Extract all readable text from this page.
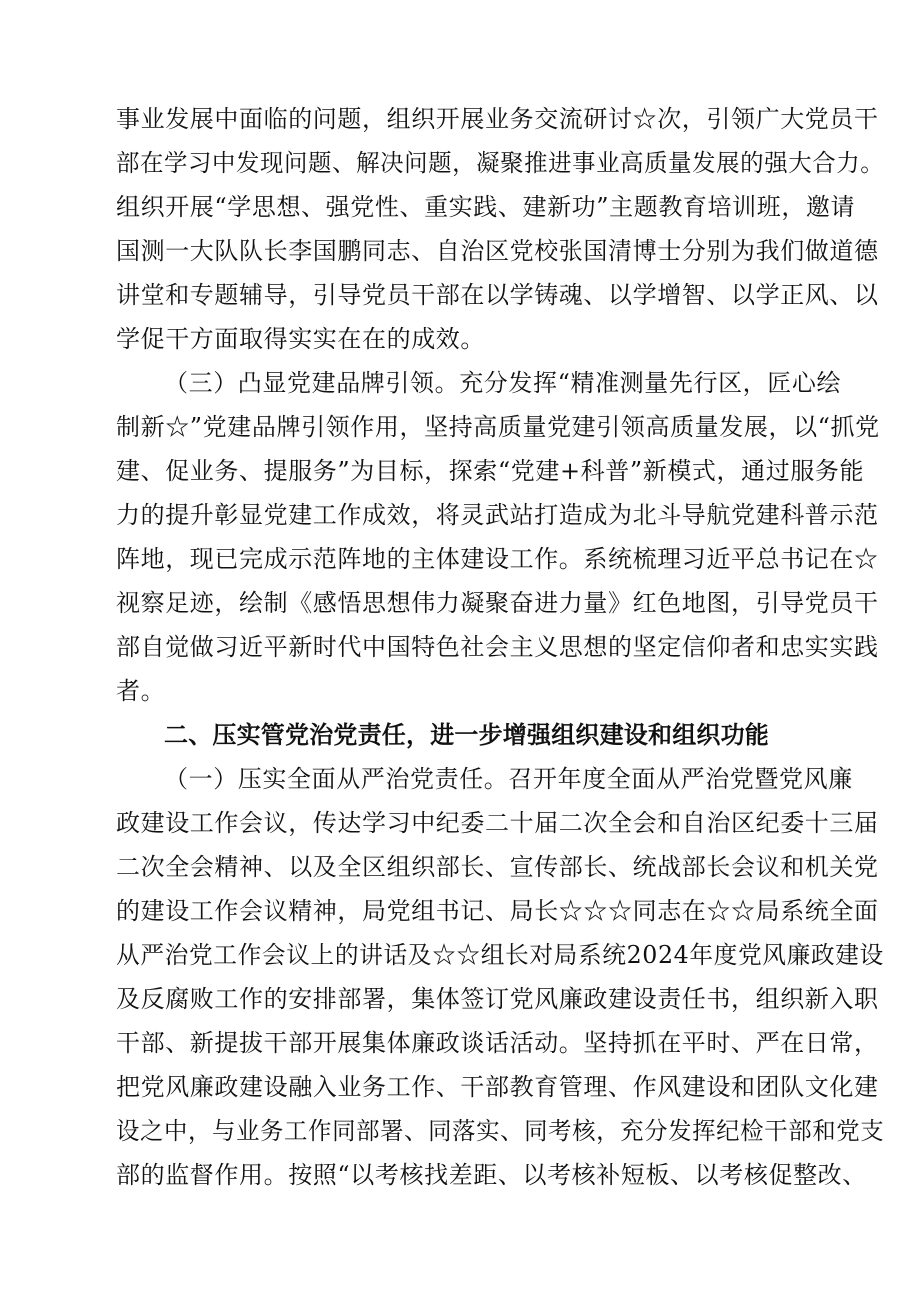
事业发展中面临的问题，组织开展业务交流研讨☆次，引领广大党员干
部在学习中发现问题、解决问题，凝聚推进事业高质量发展的强大合力。
组织开展“学思想、强党性、重实践、建新功”主题教育培训班，邀请
国测一大队队长李国鹏同志、自治区党校张国清博士分别为我们做道德
讲堂和专题辅导，引导党员干部在以学铸魂、以学增智、以学正风、以
学促干方面取得实实在在的成效。
（三）凸显党建品牌引领。充分发挥“精准测量先行区，匠心绘
制新☆”党建品牌引领作用，坚持高质量党建引领高质量发展，以“抓党
建、促业务、提服务”为目标，探索“党建+科普”新模式，通过服务能
力的提升彰显党建工作成效，将灵武站打造成为北斗导航党建科普示范
阵地，现已完成示范阵地的主体建设工作。系统梳理习近平总书记在☆
视察足迹，绘制《感悟思想伟力凝聚奋进力量》红色地图，引导党员干
部自觉做习近平新时代中国特色社会主义思想的坚定信仰者和忠实实践
者。
二、压实管党治党责任，进一步增强组织建设和组织功能
（一）压实全面从严治党责任。召开年度全面从严治党暨党风廉
政建设工作会议，传达学习中纪委二十届二次全会和自治区纪委十三届
二次全会精神、以及全区组织部长、宣传部长、统战部长会议和机关党
的建设工作会议精神，局党组书记、局长☆☆☆同志在☆☆局系统全面
从严治党工作会议上的讲话及☆☆组长对局系统2024年度党风廉政建设
及反腐败工作的安排部署，集体签订党风廉政建设责任书，组织新入职
干部、新提拔干部开展集体廉政谈话活动。坚持抓在平时、严在日常，
把党风廉政建设融入业务工作、干部教育管理、作风建设和团队文化建
设之中，与业务工作同部署、同落实、同考核，充分发挥纪检干部和党支
部的监督作用。按照“以考核找差距、以考核补短板、以考核促整改、
